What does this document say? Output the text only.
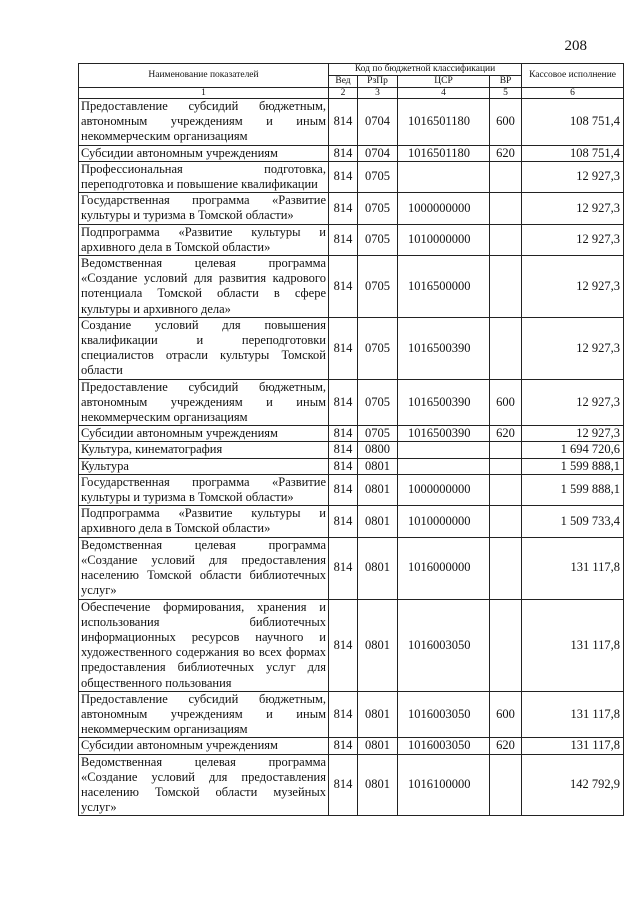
208
Наименование показателей	Код по бюджетной классификации				Кассовое исполнение
	Вед	РзПр	ЦСР	ВР	
1	2	3	4	5	6
Предоставление субсидий бюджетным, автономным учреждениям и иным некоммерческим организациям	814	0704	1016501180	600	108 751,4
Субсидии автономным учреждениям	814	0704	1016501180	620	108 751,4
Профессиональная подготовка, переподготовка и повышение квалификации	814	0705			12 927,3
Государственная программа «Развитие культуры и туризма в Томской области»	814	0705	1000000000		12 927,3
Подпрограмма «Развитие культуры и архивного дела в Томской области»	814	0705	1010000000		12 927,3
Ведомственная целевая программа «Создание условий для развития кадрового потенциала Томской области в сфере культуры и архивного дела»	814	0705	1016500000		12 927,3
Создание условий для повышения квалификации и переподготовки специалистов отрасли культуры Томской области	814	0705	1016500390		12 927,3
Предоставление субсидий бюджетным, автономным учреждениям и иным некоммерческим организациям	814	0705	1016500390	600	12 927,3
Субсидии автономным учреждениям	814	0705	1016500390	620	12 927,3
Культура, кинематография	814	0800			1 694 720,6
Культура	814	0801			1 599 888,1
Государственная программа «Развитие культуры и туризма в Томской области»	814	0801	1000000000		1 599 888,1
Подпрограмма «Развитие культуры и архивного дела в Томской области»	814	0801	1010000000		1 509 733,4
Ведомственная целевая программа «Создание условий для предоставления населению Томской области библиотечных услуг»	814	0801	1016000000		131 117,8
Обеспечение формирования, хранения и использования библиотечных информационных ресурсов научного и художественного содержания во всех формах предоставления библиотечных услуг для общественного пользования	814	0801	1016003050		131 117,8
Предоставление субсидий бюджетным, автономным учреждениям и иным некоммерческим организациям	814	0801	1016003050	600	131 117,8
Субсидии автономным учреждениям	814	0801	1016003050	620	131 117,8
Ведомственная целевая программа «Создание условий для предоставления населению Томской области музейных услуг»	814	0801	1016100000		142 792,9
